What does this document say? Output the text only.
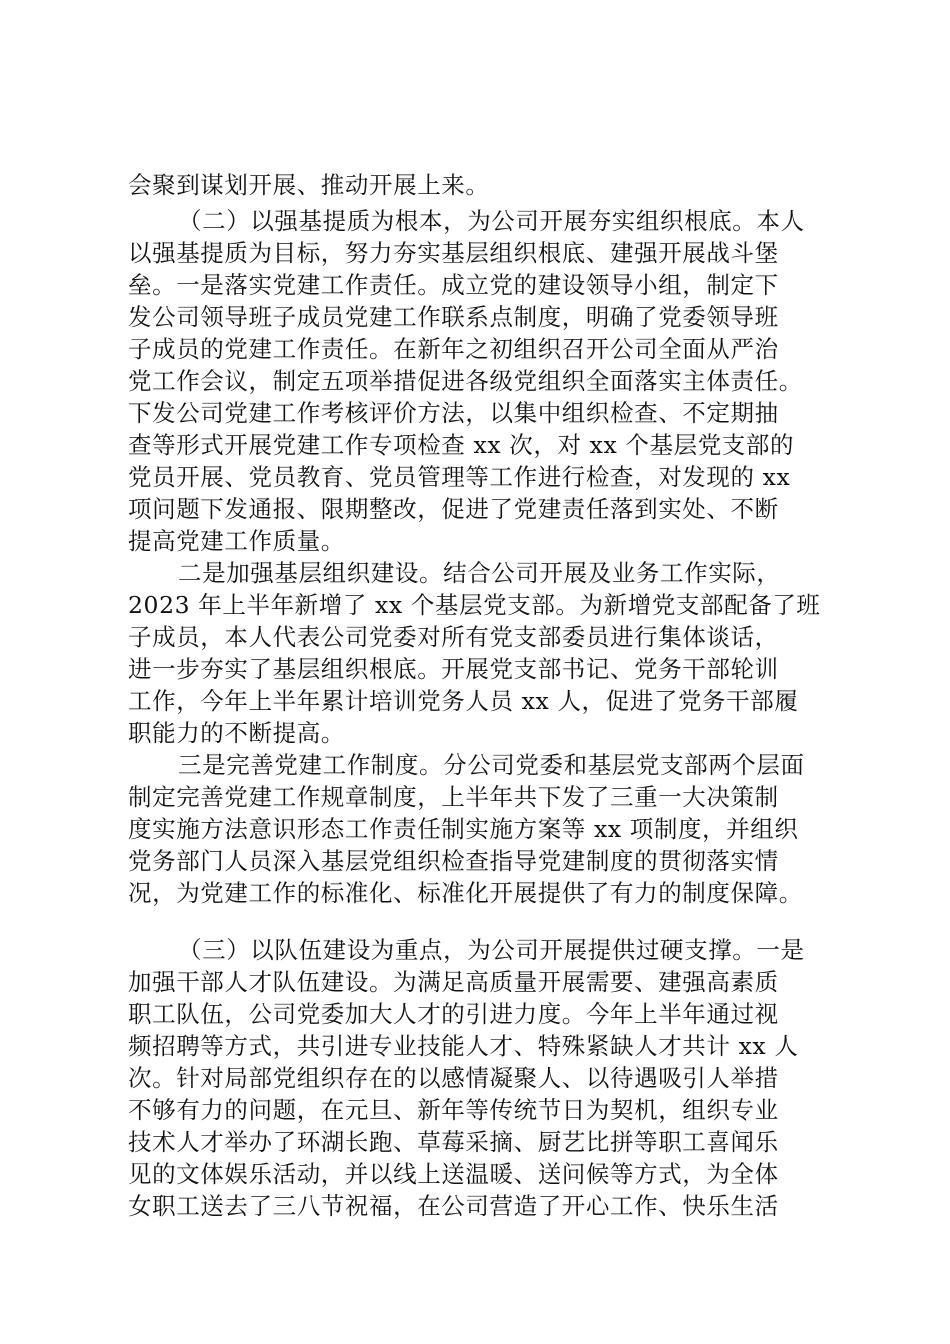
会聚到谋划开展、推动开展上来。
（二）以强基提质为根本，为公司开展夯实组织根底。本人
以强基提质为目标，努力夯实基层组织根底、建强开展战斗堡
垒。一是落实党建工作责任。成立党的建设领导小组，制定下
发公司领导班子成员党建工作联系点制度，明确了党委领导班
子成员的党建工作责任。在新年之初组织召开公司全面从严治
党工作会议，制定五项举措促进各级党组织全面落实主体责任。
下发公司党建工作考核评价方法，以集中组织检查、不定期抽
查等形式开展党建工作专项检查 xx 次，对 xx 个基层党支部的
党员开展、党员教育、党员管理等工作进行检查，对发现的 xx
项问题下发通报、限期整改，促进了党建责任落到实处、不断
提高党建工作质量。
二是加强基层组织建设。结合公司开展及业务工作实际，
2023 年上半年新增了 xx 个基层党支部。为新增党支部配备了班
子成员，本人代表公司党委对所有党支部委员进行集体谈话，
进一步夯实了基层组织根底。开展党支部书记、党务干部轮训
工作，今年上半年累计培训党务人员 xx 人，促进了党务干部履
职能力的不断提高。
三是完善党建工作制度。分公司党委和基层党支部两个层面
制定完善党建工作规章制度，上半年共下发了三重一大决策制
度实施方法意识形态工作责任制实施方案等 xx 项制度，并组织
党务部门人员深入基层党组织检查指导党建制度的贯彻落实情
况，为党建工作的标准化、标准化开展提供了有力的制度保障。
（三）以队伍建设为重点，为公司开展提供过硬支撑。一是
加强干部人才队伍建设。为满足高质量开展需要、建强高素质
职工队伍，公司党委加大人才的引进力度。今年上半年通过视
频招聘等方式，共引进专业技能人才、特殊紧缺人才共计 xx 人
次。针对局部党组织存在的以感情凝聚人、以待遇吸引人举措
不够有力的问题，在元旦、新年等传统节日为契机，组织专业
技术人才举办了环湖长跑、草莓采摘、厨艺比拼等职工喜闻乐
见的文体娱乐活动，并以线上送温暖、送问候等方式，为全体
女职工送去了三八节祝福，在公司营造了开心工作、快乐生活
